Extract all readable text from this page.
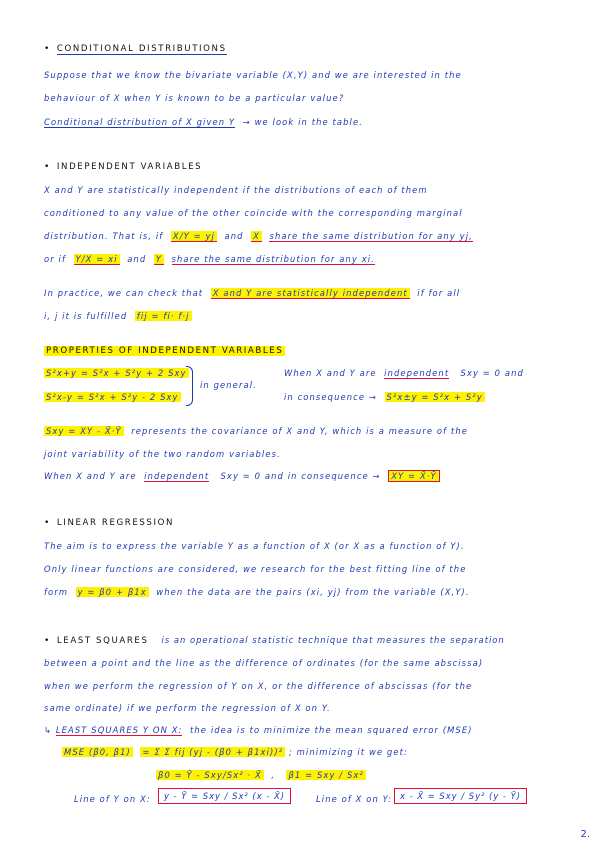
• CONDITIONAL DISTRIBUTIONS
Suppose that we know the bivariate variable (X,Y) and we are interested in the
behaviour of X when Y is known to be a particular value?
Conditional distribution of X given Y → we look in the table.
• INDEPENDENT VARIABLES
X and Y are statistically independent if the distributions of each of them
conditioned to any value of the other coincide with the corresponding marginal
distribution. That is, if X/Y = yj and X share the same distribution for any yj,
or if Y/X = xi and Y share the same distribution for any xi.
In practice, we can check that X and Y are statistically independent if for all
i, j it is fulfilled fij = fi· f·j
PROPERTIES OF INDEPENDENT VARIABLES
S²x+y = S²x + S²y + 2 Sxy
S²x-y = S²x + S²y - 2 Sxy
in general.
When X and Y are independent Sxy = 0 and
in consequence → S²x±y = S²x + S²y
Sxy = XY - X̄·Ȳ represents the covariance of X and Y, which is a measure of the
joint variability of the two random variables.
When X and Y are independent Sxy = 0 and in consequence → XY = X̄·Ȳ
• LINEAR REGRESSION
The aim is to express the variable Y as a function of X (or X as a function of Y).
Only linear functions are considered, we research for the best fitting line of the
form y = β0 + β1x when the data are the pairs (xi, yj) from the variable (X,Y).
• LEAST SQUARES is an operational statistic technique that measures the separation
between a point and the line as the difference of ordinates (for the same abscissa)
when we perform the regression of Y on X, or the difference of abscissas (for the
same ordinate) if we perform the regression of X on Y.
↳ LEAST SQUARES Y ON X: the idea is to minimize the mean squared error (MSE)
MSE (β0, β1) = Σ Σ fij (yj - (β0 + β1xi))² ; minimizing it we get:
β0 = Ȳ - Sxy/Sx² · X̄  ,   β1 = Sxy / Sx²
Line of Y on X:	y - Ȳ = Sxy / Sx² (x - X̄)	Line of X on Y: x - X̄ = Sxy / Sy² (y - Ȳ)
2.
